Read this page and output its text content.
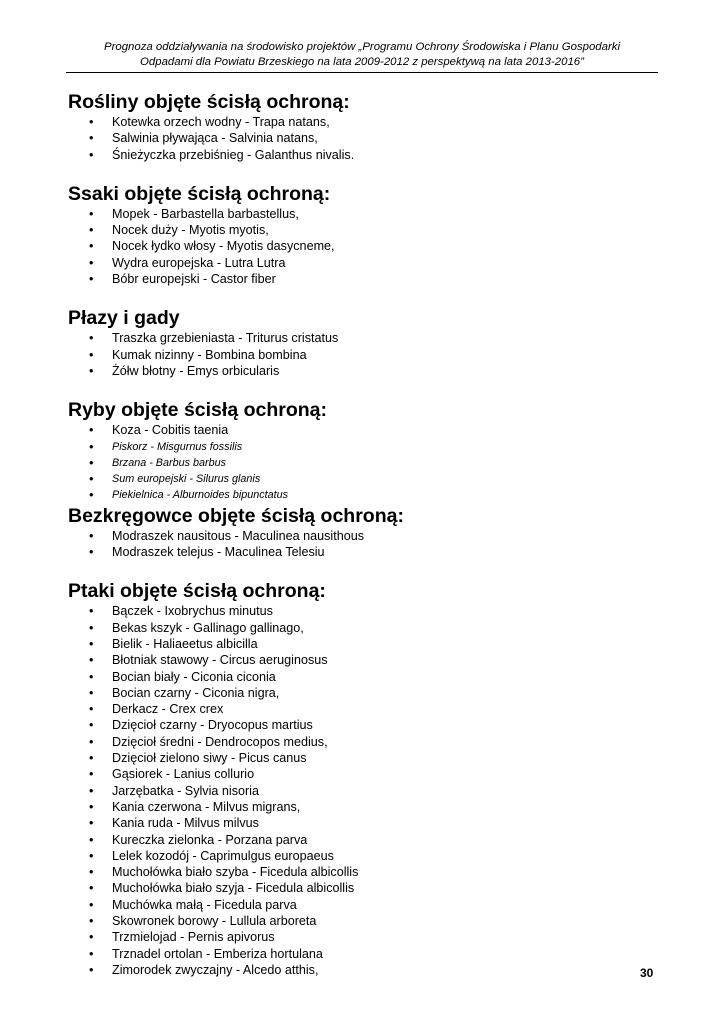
Prognoza oddziaływania na środowisko projektów „Programu Ochrony Środowiska i Planu Gospodarki
Odpadami dla Powiatu Brzeskiego na lata 2009-2012 z perspektywą na lata 2013-2016”
Rośliny objęte ścisłą ochroną:
• Kotewka orzech wodny - Trapa natans,
• Salwinia pływająca - Salvinia natans,
• Śnieżyczka przebiśnieg - Galanthus nivalis.
Ssaki objęte ścisłą ochroną:
• Mopek - Barbastella barbastellus,
• Nocek duży - Myotis myotis,
• Nocek łydko włosy - Myotis dasycneme,
• Wydra europejska - Lutra Lutra
• Bóbr europejski - Castor fiber
Płazy i gady
• Traszka grzebieniasta - Triturus cristatus
• Kumak nizinny - Bombina bombina
• Żółw błotny - Emys orbicularis
Ryby objęte ścisłą ochroną:
• Koza - Cobitis taenia
• Piskorz - Misgurnus fossilis
• Brzana - Barbus barbus
• Sum europejski - Silurus glanis
• Piekielnica - Alburnoides bipunctatus
Bezkręgowce objęte ścisłą ochroną:
• Modraszek nausitous - Maculinea nausithous
• Modraszek telejus - Maculinea Telesiu
Ptaki objęte ścisłą ochroną:
• Bączek - Ixobrychus minutus
• Bekas kszyk - Gallinago gallinago,
• Bielik - Haliaeetus albicilla
• Błotniak stawowy - Circus aeruginosus
• Bocian biały - Ciconia ciconia
• Bocian czarny - Ciconia nigra,
• Derkacz - Crex crex
• Dzięcioł czarny - Dryocopus martius
• Dzięcioł średni - Dendrocopos medius,
• Dzięcioł zielono siwy - Picus canus
• Gąsiorek - Lanius collurio
• Jarzębatka - Sylvia nisoria
• Kania czerwona - Milvus migrans,
• Kania ruda - Milvus milvus
• Kureczka zielonka - Porzana parva
• Lelek kozodój - Caprimulgus europaeus
• Muchołówka biało szyba - Ficedula albicollis
• Muchołówka biało szyja - Ficedula albicollis
• Muchówka małą - Ficedula parva
• Skowronek borowy - Lullula arboreta
• Trzmielojad - Pernis apivorus
• Trznadel ortolan - Emberiza hortulana
• Zimorodek zwyczajny - Alcedo atthis,	30
